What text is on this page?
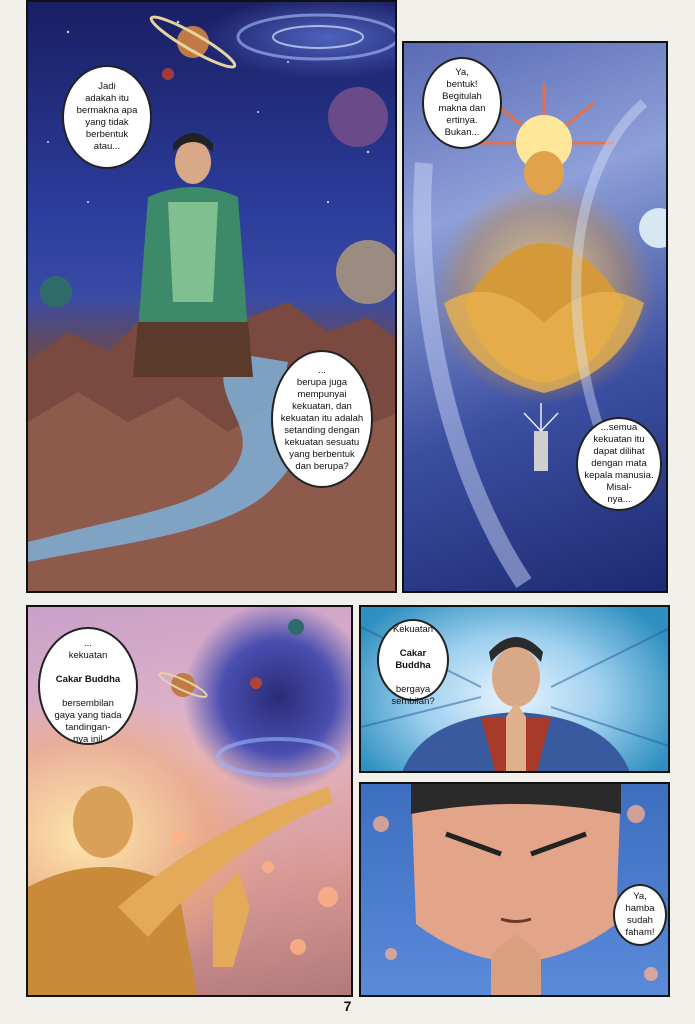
Jadi
adakah itu
bermakna apa
yang tidak
berbentuk
atau...
...
berupa juga
mempunyai
kekuatan, dan
kekuatan itu adalah
setanding dengan
kekuatan sesuatu
yang berbentuk
dan berupa?
Ya,
bentuk!
Begitulah
makna dan
ertinya.
Bukan...
...semua
kekuatan itu
dapat dilihat
dengan mata
kepala manusia.
Misal-
nya...

...
kekuatan

Cakar Buddha

bersembilan
gaya yang tiada
tandingan-
nya ini!

Kekuatan

Cakar
Buddha

bergaya
sembilan?

Ya,
hamba
sudah
faham!
7
